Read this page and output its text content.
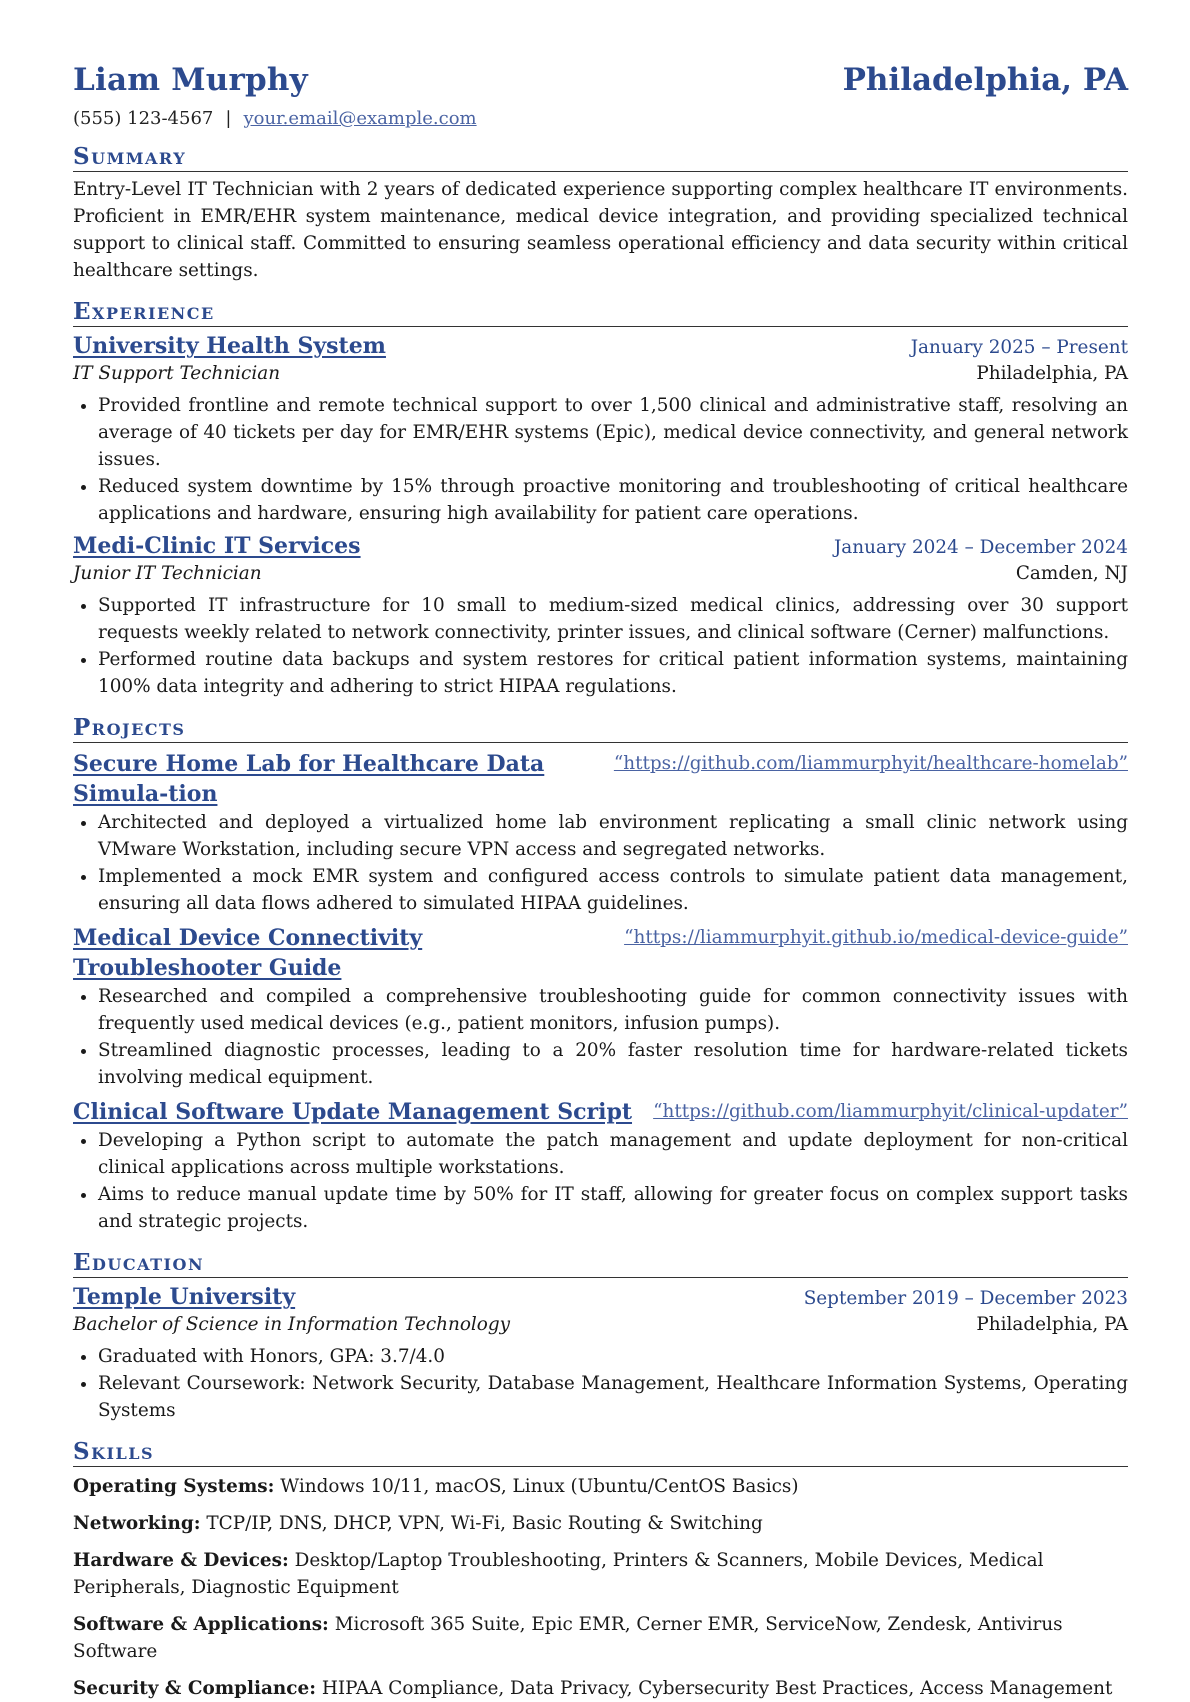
Liam Murphy	Philadelphia, PA
(555) 123-4567 | your.email@example.com
Summary
Entry-Level IT Technician with 2 years of dedicated experience supporting complex healthcare IT environments. Proficient in EMR/EHR system maintenance, medical device integration, and providing specialized technical support to clinical staff. Committed to ensuring seamless operational efficiency and data security within critical healthcare settings.
Experience
University Health System	January 2025 – Present
IT Support Technician	Philadelphia, PA
• Provided frontline and remote technical support to over 1,500 clinical and administrative staff, resolving an average of 40 tickets per day for EMR/EHR systems (Epic), medical device connectivity, and general network issues.
• Reduced system downtime by 15% through proactive monitoring and troubleshooting of critical healthcare applications and hardware, ensuring high availability for patient care operations.
Medi-Clinic IT Services	January 2024 – December 2024
Junior IT Technician	Camden, NJ
• Supported IT infrastructure for 10 small to medium-sized medical clinics, addressing over 30 support requests weekly related to network connectivity, printer issues, and clinical software (Cerner) malfunctions.
• Performed routine data backups and system restores for critical patient information systems, maintaining 100% data integrity and adhering to strict HIPAA regulations.
Projects
Secure Home Lab for Healthcare Data Simula-tion
“https://github.com/liammurphyit/healthcare-homelab”
• Architected and deployed a virtualized home lab environment replicating a small clinic network using VMware Workstation, including secure VPN access and segregated networks.
• Implemented a mock EMR system and configured access controls to simulate patient data management, ensuring all data flows adhered to simulated HIPAA guidelines.
Medical Device Connectivity Troubleshooter Guide
“https://liammurphyit.github.io/medical-device-guide”
• Researched and compiled a comprehensive troubleshooting guide for common connectivity issues with frequently used medical devices (e.g., patient monitors, infusion pumps).
• Streamlined diagnostic processes, leading to a 20% faster resolution time for hardware-related tickets involving medical equipment.
Clinical Software Update Management Script “https://github.com/liammurphyit/clinical-updater”
• Developing a Python script to automate the patch management and update deployment for non-critical clinical applications across multiple workstations.
• Aims to reduce manual update time by 50% for IT staff, allowing for greater focus on complex support tasks and strategic projects.
Education
Temple University	September 2019 – December 2023
Bachelor of Science in Information Technology	Philadelphia, PA
• Graduated with Honors, GPA: 3.7/4.0
• Relevant Coursework: Network Security, Database Management, Healthcare Information Systems, Operating Systems
Skills
Operating Systems: Windows 10/11, macOS, Linux (Ubuntu/CentOS Basics)
Networking: TCP/IP, DNS, DHCP, VPN, Wi-Fi, Basic Routing & Switching
Hardware & Devices: Desktop/Laptop Troubleshooting, Printers & Scanners, Mobile Devices, Medical Peripherals, Diagnostic Equipment
Software & Applications: Microsoft 365 Suite, Epic EMR, Cerner EMR, ServiceNow, Zendesk, Antivirus Software
Security & Compliance: HIPAA Compliance, Data Privacy, Cybersecurity Best Practices, Access Management
